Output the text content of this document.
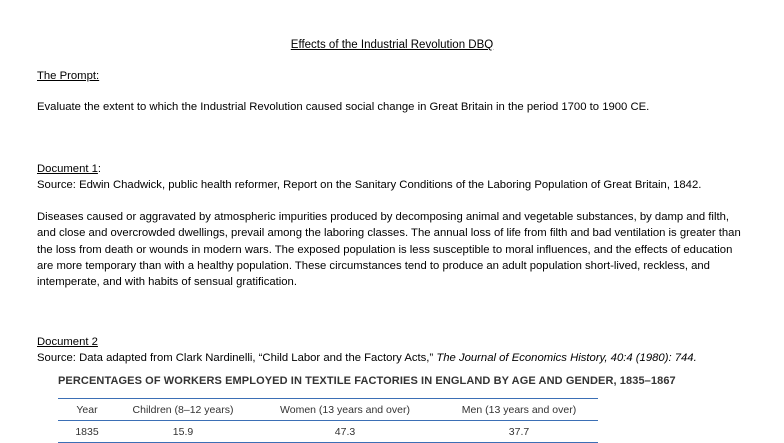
Effects of the Industrial Revolution DBQ
The Prompt:
Evaluate the extent to which the Industrial Revolution caused social change in Great Britain in the period 1700 to 1900 CE.
Document 1:
Source: Edwin Chadwick, public health reformer, Report on the Sanitary Conditions of the Laboring Population of Great Britain, 1842.
Diseases caused or aggravated by atmospheric impurities produced by decomposing animal and vegetable substances, by damp and filth, and close and overcrowded dwellings, prevail among the laboring classes. The annual loss of life from filth and bad ventilation is greater than the loss from death or wounds in modern wars. The exposed population is less susceptible to moral influences, and the effects of education are more temporary than with a healthy population. These circumstances tend to produce an adult population short-lived, reckless, and intemperate, and with habits of sensual gratification.
Document 2
Source: Data adapted from Clark Nardinelli, “Child Labor and the Factory Acts,” The Journal of Economics History, 40:4 (1980): 744.
PERCENTAGES OF WORKERS EMPLOYED IN TEXTILE FACTORIES IN ENGLAND BY AGE AND GENDER, 1835–1867
Year	Children (8–12 years)	Women (13 years and over)	Men (13 years and over)
1835	15.9	47.3	37.7
